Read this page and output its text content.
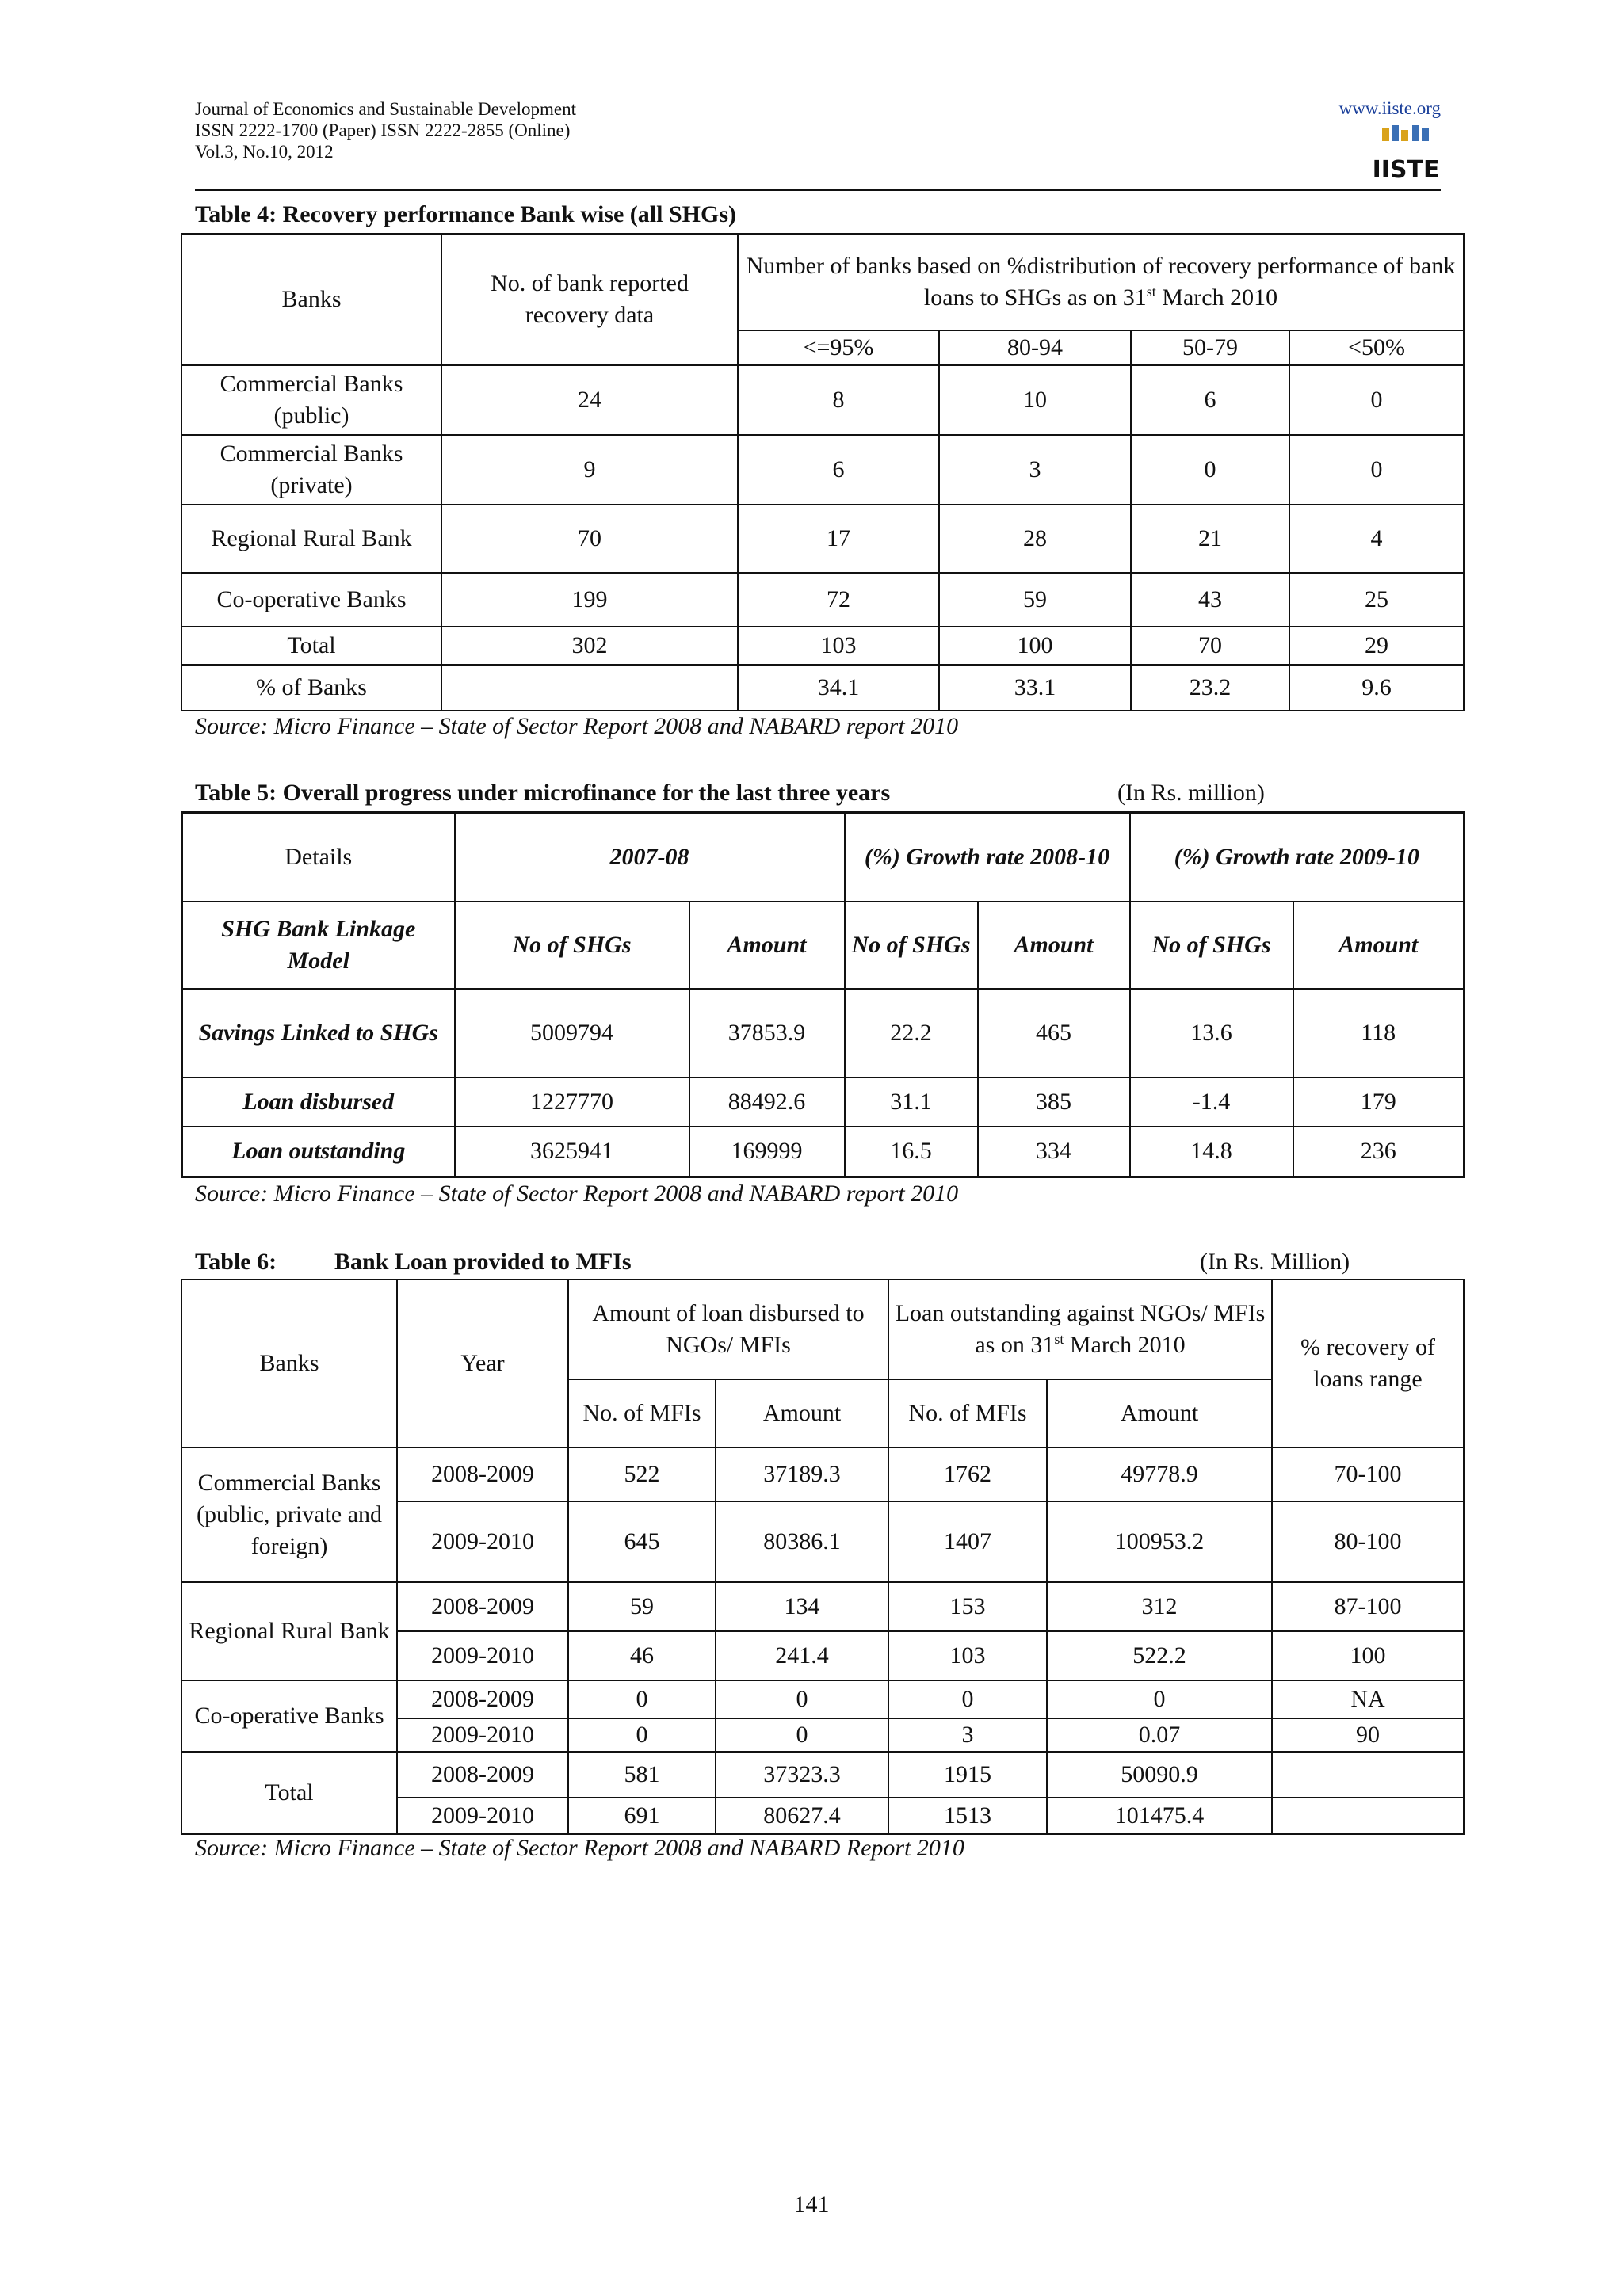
Journal of Economics and Sustainable Development
ISSN 2222-1700 (Paper) ISSN 2222-2855 (Online)
Vol.3, No.10, 2012
www.iiste.org
IISTE
Table 4: Recovery performance Bank wise (all SHGs)
Banks	No. of bank reported recovery data	Number of banks based on %distribution of recovery performance of bank loans to SHGs as on 31st March 2010			
		<=95%	80-94	50-79	<50%
Commercial Banks (public)	24	8	10	6	0
Commercial Banks (private)	9	6	3	0	0
Regional Rural Bank	70	17	28	21	4
Co-operative Banks	199	72	59	43	25
Total	302	103	100	70	29
% of Banks		34.1	33.1	23.2	9.6
Source: Micro Finance – State of Sector Report 2008 and NABARD report 2010
Table 5: Overall progress under microfinance for the last three years	(In Rs. million)
Details	2007-08		(%) Growth rate 2008-10		(%) Growth rate 2009-10	
SHG Bank Linkage Model	No of SHGs	Amount	No of SHGs	Amount	No of SHGs	Amount
Savings Linked to SHGs	5009794	37853.9	22.2	465	13.6	118
Loan disbursed	1227770	88492.6	31.1	385	-1.4	179
Loan outstanding	3625941	169999	16.5	334	14.8	236
Source: Micro Finance – State of Sector Report 2008 and NABARD report 2010
Table 6: Bank Loan provided to MFIs	(In Rs. Million)
Banks	Year	Amount of loan disbursed to NGOs/ MFIs		Loan outstanding against NGOs/ MFIs as on 31st March 2010		% recovery of loans range
		No. of MFIs	Amount	No. of MFIs	Amount	
Commercial Banks (public, private and foreign)	2008-2009	522	37189.3	1762	49778.9	70-100
	2009-2010	645	80386.1	1407	100953.2	80-100
Regional Rural Bank	2008-2009	59	134	153	312	87-100
	2009-2010	46	241.4	103	522.2	100
Co-operative Banks	2008-2009	0	0	0	0	NA
	2009-2010	0	0	3	0.07	90
Total	2008-2009	581	37323.3	1915	50090.9	
	2009-2010	691	80627.4	1513	101475.4	
Source: Micro Finance – State of Sector Report 2008 and NABARD Report 2010
141
